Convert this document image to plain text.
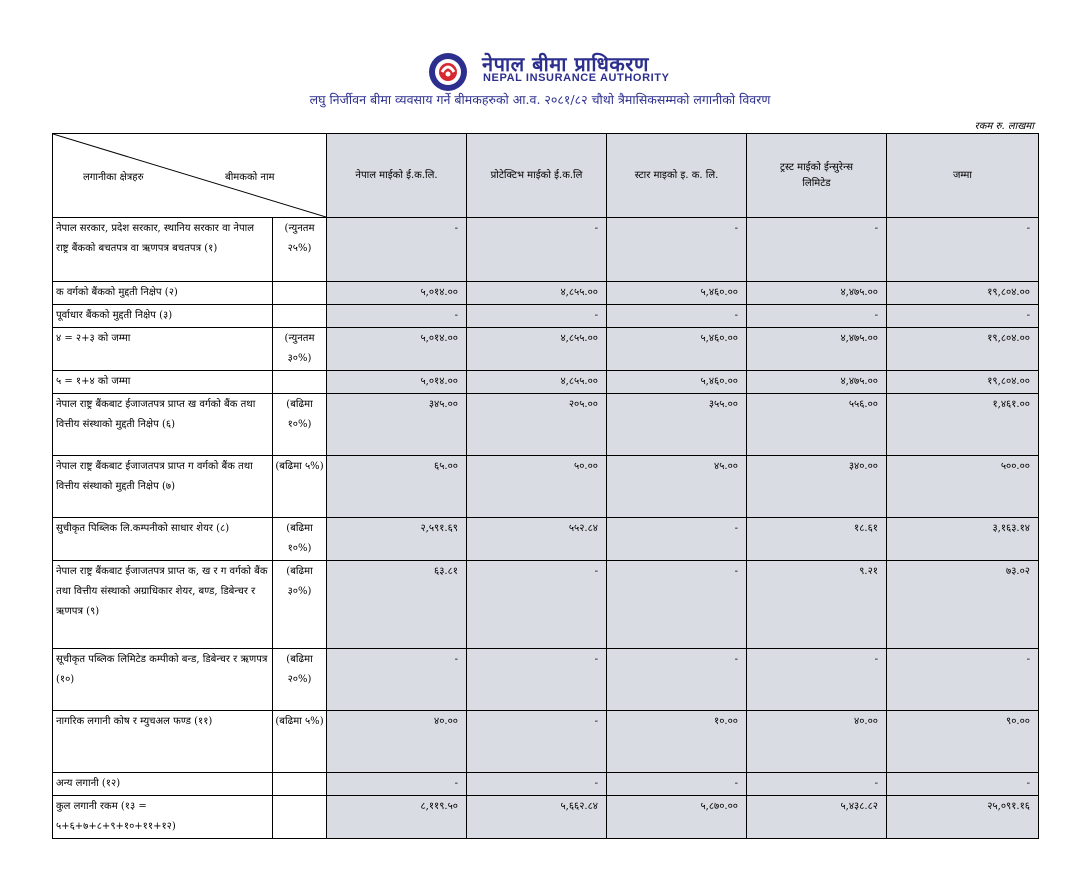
नेपाल बीमा प्राधिकरण
NEPAL INSURANCE AUTHORITY
लघु निर्जीवन बीमा व्यवसाय गर्ने बीमकहरुको आ.व. २०८१/८२ चौथो त्रैमासिकसम्मको लगानीको विवरण
रकम रु. लाखमा
लगानीका क्षेत्रहरु बीमकको नाम		नेपाल माईको ई.क.लि.	प्रोटेक्टिभ माईको ई.क.लि	स्टार माइको इ. क. लि.	ट्रस्ट माईको ईन्सुरेन्स लिमिटेड	जम्मा
नेपाल सरकार, प्रदेश सरकार, स्थानिय सरकार वा नेपाल राष्ट्र बैंकको बचतपत्र वा ऋणपत्र बचतपत्र (१)	(न्युनतम २५%)	-	-	-	-	-
क वर्गको बैंकको मुद्दती निक्षेप (२)		५,०१४.००	४,८५५.००	५,४६०.००	४,४७५.००	१९,८०४.००
पूर्वाधार बैंकको मुद्दती निक्षेप (३)		-	-	-	-	-
४ = २+३ को जम्मा	(न्युनतम ३०%)	५,०१४.००	४,८५५.००	५,४६०.००	४,४७५.००	१९,८०४.००
५ = १+४ को जम्मा		५,०१४.००	४,८५५.००	५,४६०.००	४,४७५.००	१९,८०४.००
नेपाल राष्ट्र बैंकबाट ईजाजतपत्र प्राप्त ख वर्गको बैंक तथा वित्तीय संस्थाको मुद्दती निक्षेप (६)	(बढिमा १०%)	३४५.००	२०५.००	३५५.००	५५६.००	१,४६१.००
नेपाल राष्ट्र बैंकबाट ईजाजतपत्र प्राप्त ग वर्गको बैंक तथा वित्तीय संस्थाको मुद्दती निक्षेप (७)	(बढिमा ५%)	६५.००	५०.००	४५.००	३४०.००	५००.००
सुचीकृत पिब्लिक लि.कम्पनीको साधार शेयर (८)	(बढिमा १०%)	२,५९१.६९	५५२.८४	-	१८.६१	३,१६३.१४
नेपाल राष्ट्र बैंकबाट ईजाजतपत्र प्राप्त क, ख र ग वर्गको बैंक तथा वित्तीय संस्थाको अग्राधिकार शेयर, बण्ड, डिबेन्चर र ऋणपत्र (९)	(बढिमा ३०%)	६३.८१	-	-	९.२१	७३.०२
सूचीकृत पब्लिक लिमिटेड कम्पीको बन्ड, डिबेन्चर र ऋणपत्र (१०)	(बढिमा २०%)	-	-	-	-	-
नागरिक लगानी कोष र म्युचअल फण्ड (११)	(बढिमा ५%)	४०.००	-	१०.००	४०.००	९०.००
अन्य लगानी (१२)		-	-	-	-	-
कुल लगानी रकम (१३ = ५+६+७+८+९+१०+११+१२)		८,११९.५०	५,६६२.८४	५,८७०.००	५,४३८.८२	२५,०९१.१६
